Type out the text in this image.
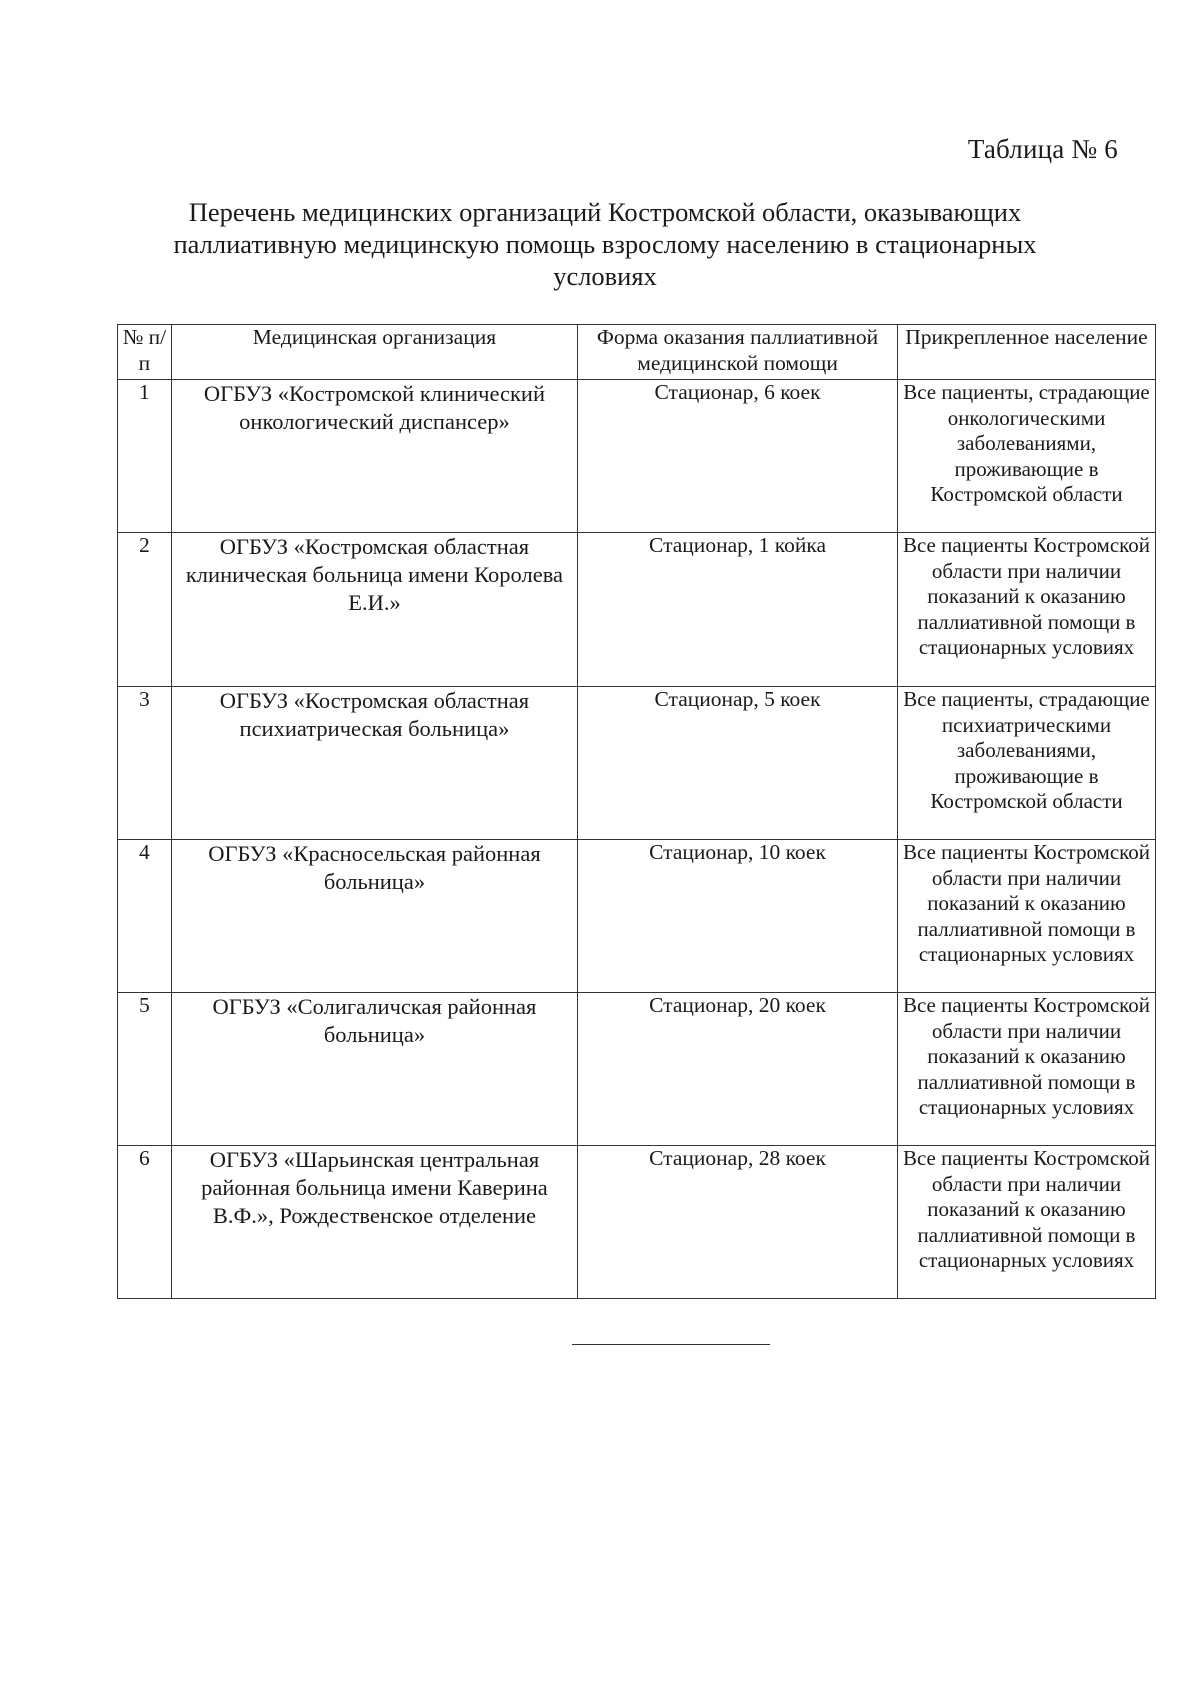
Таблица № 6
Перечень медицинских организаций Костромской области, оказывающих
паллиативную медицинскую помощь взрослому населению в стационарных
условиях
№ п/п	Медицинская организация	Форма оказания паллиативной медицинской помощи	Прикрепленное население
1	ОГБУЗ «Костромской клинический онкологический диспансер»	Стационар, 6 коек	Все пациенты, страдающие онкологическими заболеваниями, проживающие в Костромской области
2	ОГБУЗ «Костромская областная клиническая больница имени Королева Е.И.»	Стационар, 1 койка	Все пациенты Костромской области при наличии показаний к оказанию паллиативной помощи в стационарных условиях
3	ОГБУЗ «Костромская областная психиатрическая больница»	Стационар, 5 коек	Все пациенты, страдающие психиатрическими заболеваниями, проживающие в Костромской области
4	ОГБУЗ «Красносельская районная больница»	Стационар, 10 коек	Все пациенты Костромской области при наличии показаний к оказанию паллиативной помощи в стационарных условиях
5	ОГБУЗ «Солигаличская районная больница»	Стационар, 20 коек	Все пациенты Костромской области при наличии показаний к оказанию паллиативной помощи в стационарных условиях
6	ОГБУЗ «Шарьинская центральная районная больница имени Каверина В.Ф.», Рождественское отделение	Стационар, 28 коек	Все пациенты Костромской области при наличии показаний к оказанию паллиативной помощи в стационарных условиях
